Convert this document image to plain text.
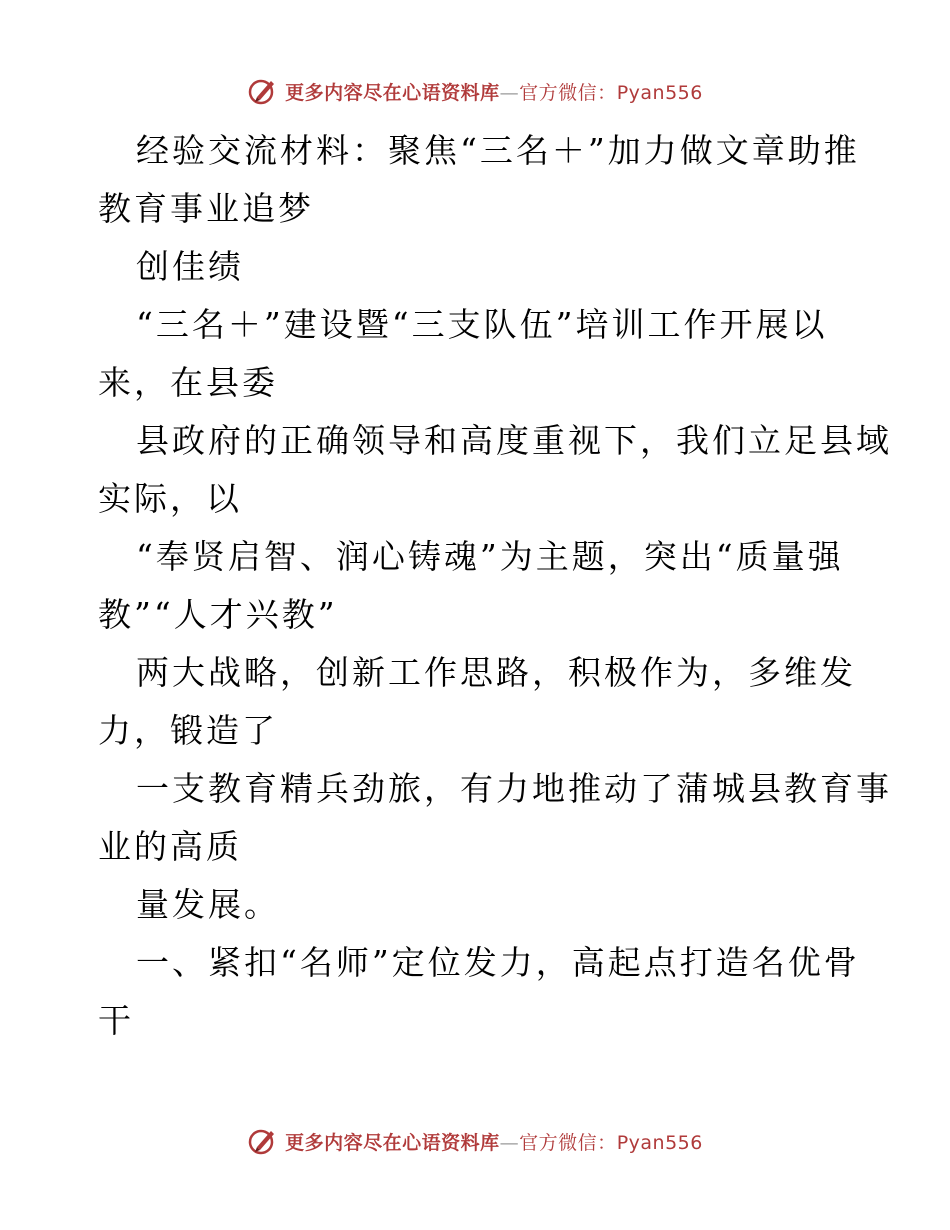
更多内容尽在心语资料库—官方微信：Pyan556
经验交流材料：聚焦“三名＋”加力做文章助推
教育事业追梦
创佳绩
“三名＋”建设暨“三支队伍”培训工作开展以
来，在县委
县政府的正确领导和高度重视下，我们立足县域
实际，以
“奉贤启智、润心铸魂”为主题，突出“质量强
教”“人才兴教”
两大战略，创新工作思路，积极作为，多维发
力，锻造了
一支教育精兵劲旅，有力地推动了蒲城县教育事
业的高质
量发展。
一、紧扣“名师”定位发力，高起点打造名优骨
干
更多内容尽在心语资料库—官方微信：Pyan556
